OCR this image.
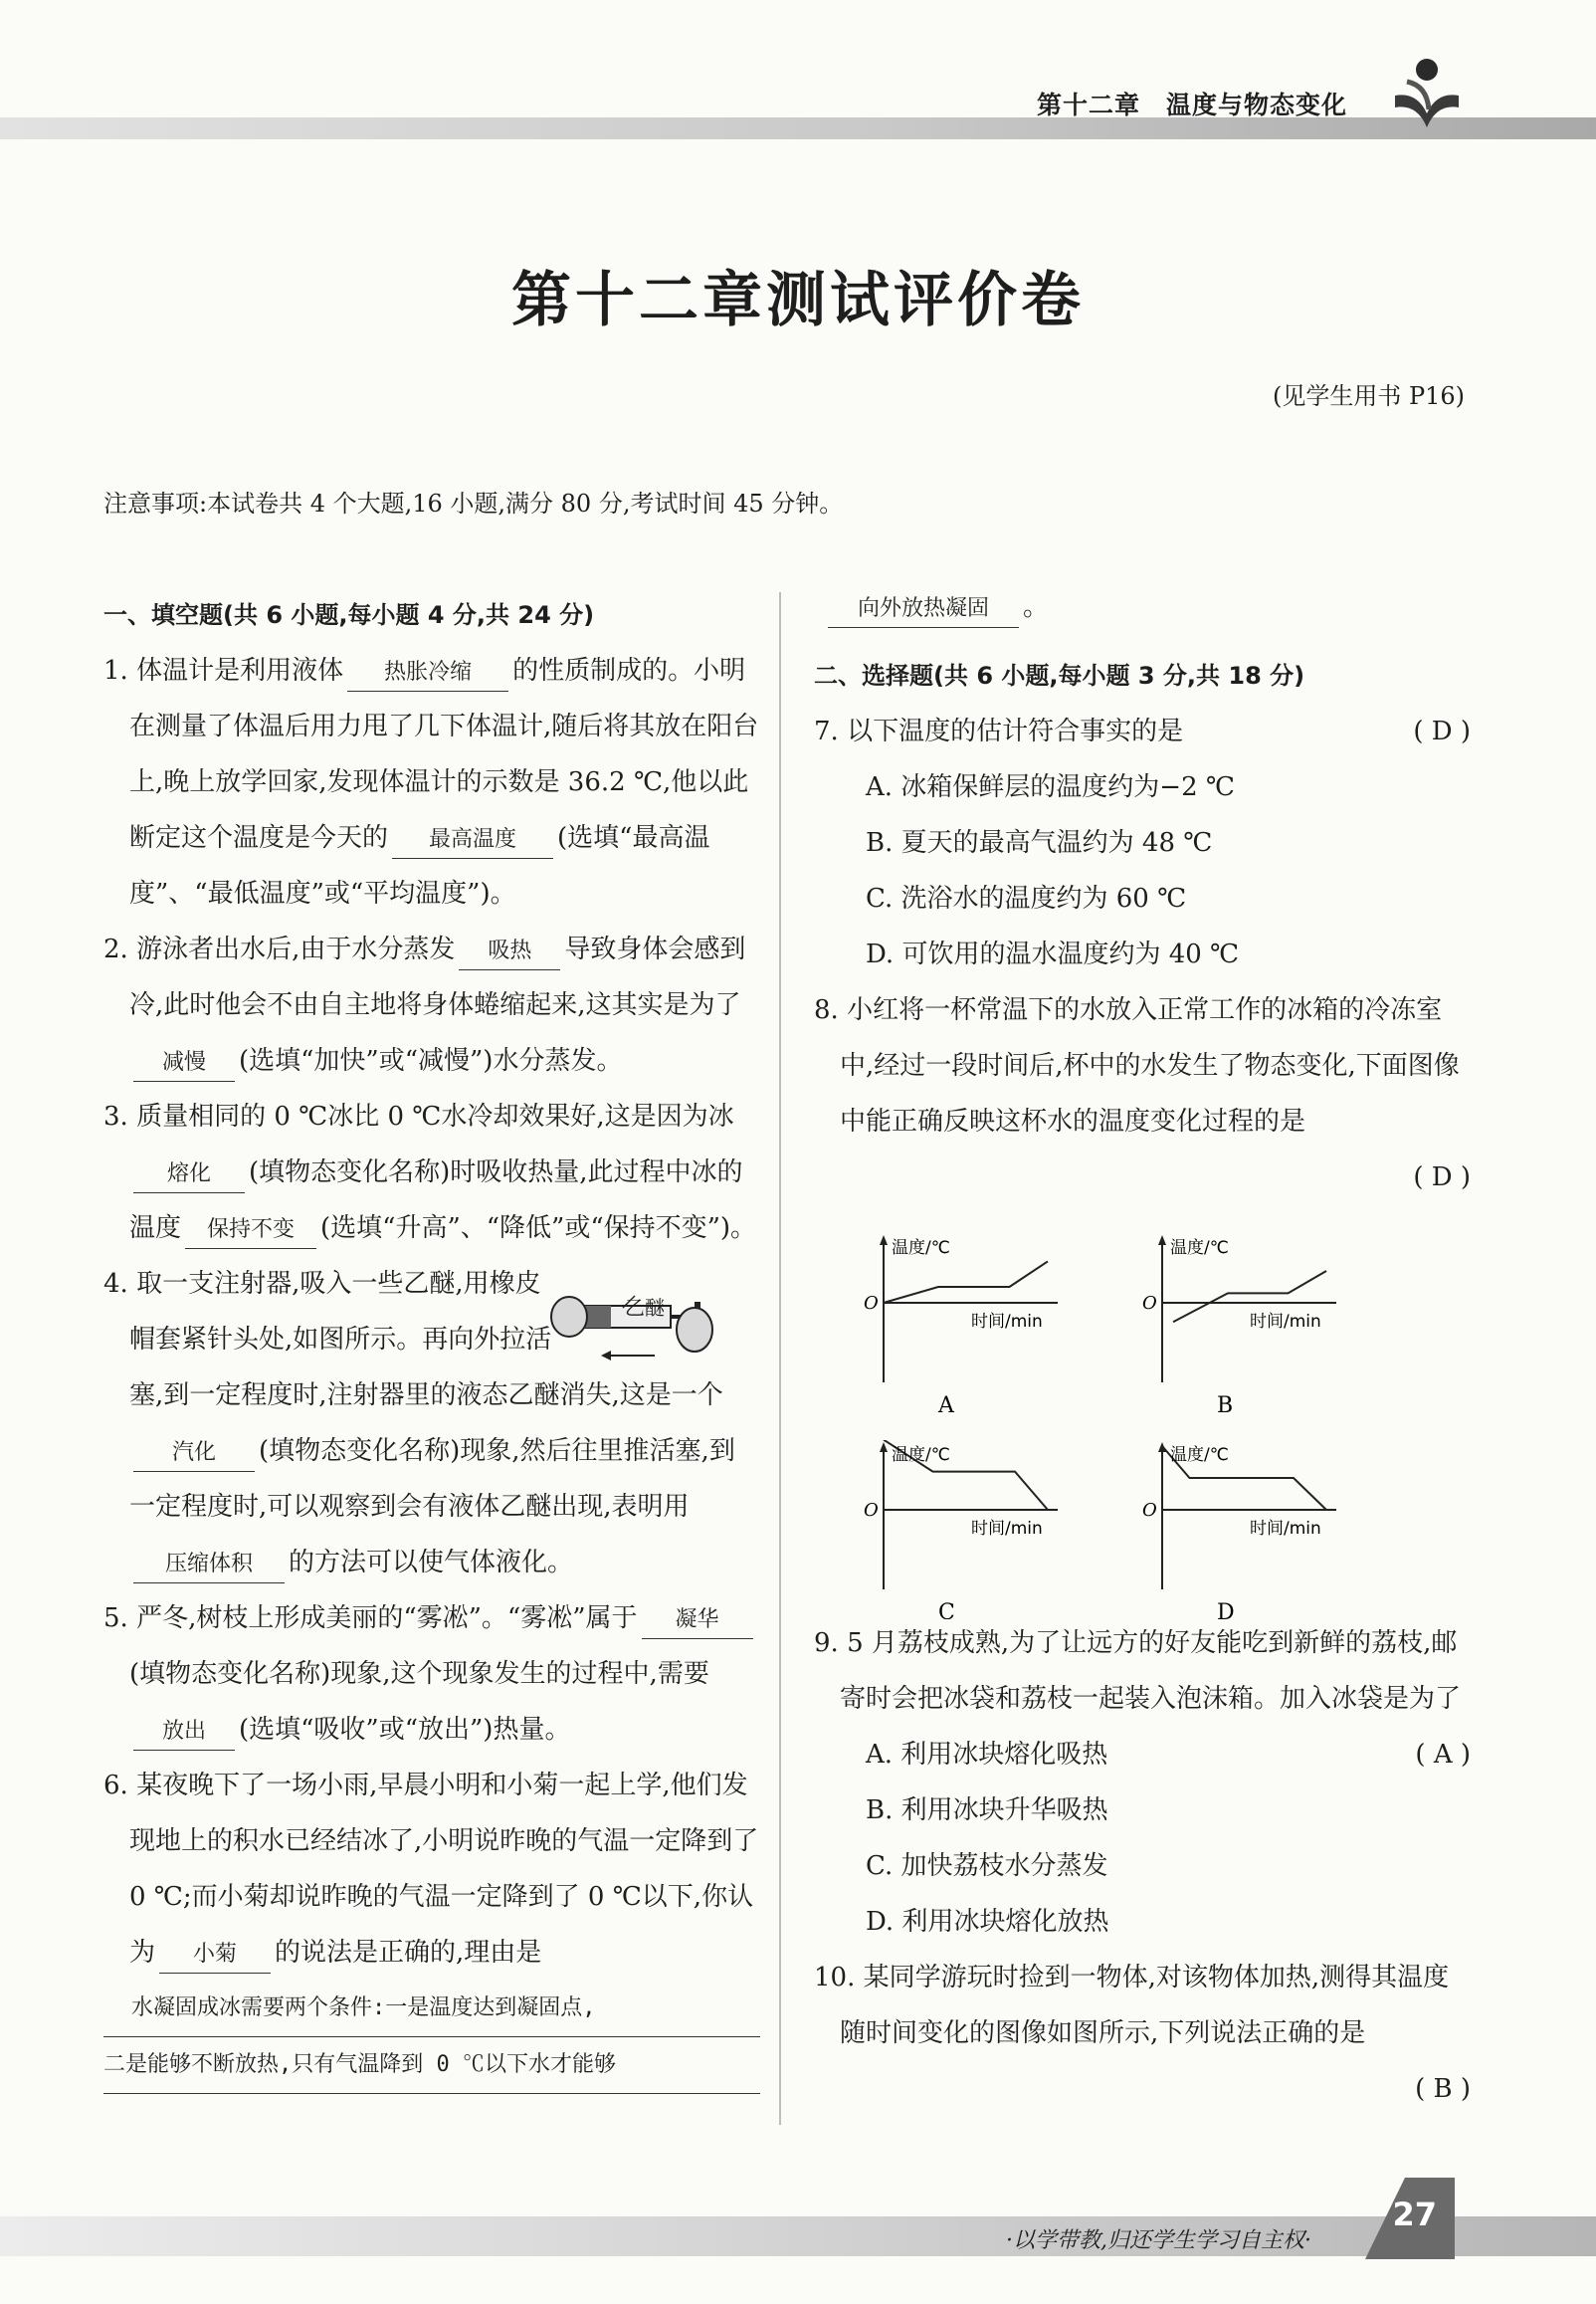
第十二章 温度与物态变化
第十二章测试评价卷
(见学生用书 P16)
注意事项:本试卷共 4 个大题,16 小题,满分 80 分,考试时间 45 分钟。
一、填空题(共 6 小题,每小题 4 分,共 24 分)

1. 体温计是利用液体 热胀冷缩 的性质制成的。小明在测量了体温后用力甩了几下体温计,随后将其放在阳台上,晚上放学回家,发现体温计的示数是 36.2 ℃,他以此断定这个温度是今天的 最高温度 (选填“最高温度”、“最低温度”或“平均温度”)。

2. 游泳者出水后,由于水分蒸发 吸热 导致身体会感到冷,此时他会不由自主地将身体蜷缩起来,这其实是为了减慢 (选填“加快”或“减慢”)水分蒸发。

3. 质量相同的 0 ℃冰比 0 ℃水冷却效果好,这是因为冰熔化 (填物态变化名称)时吸收热量,此过程中冰的温度 保持不变 (选填“升高”、“降低”或“保持不变”)。

4. 取一支注射器,吸入一些乙醚,用橡皮帽套紧针头处,如图所示。再向外拉活塞,到一定程度时,注射器里的液态乙醚消失,这是一个汽化 (填物态变化名称)现象,然后往里推活塞,到一定程度时,可以观察到会有液体乙醚出现,表明用压缩体积 的方法可以使气体液化。

5. 严冬,树枝上形成美丽的“雾凇”。“雾凇”属于 凝华(填物态变化名称)现象,这个现象发生的过程中,需要放出 (选填“吸收”或“放出”)热量。

6. 某夜晚下了一场小雨,早晨小明和小菊一起上学,他们发现地上的积水已经结冰了,小明说昨晚的气温一定降到了 0 ℃;而小菊却说昨晚的气温一定降到了 0 ℃以下,你认为 小菊 的说法是正确的,理由是

水凝固成冰需要两个条件:一是温度达到凝固点,
二是能够不断放热,只有气温降到 0 ℃以下水才能够
乙醚
向外放热凝固 。
二、选择题(共 6 小题,每小题 3 分,共 18 分)

7. 以下温度的估计符合事实的是	( D )

A. 冰箱保鲜层的温度约为−2 ℃

B. 夏天的最高气温约为 48 ℃

C. 洗浴水的温度约为 60 ℃

D. 可饮用的温水温度约为 40 ℃

8. 小红将一杯常温下的水放入正常工作的冰箱的冷冻室中,经过一段时间后,杯中的水发生了物态变化,下面图像中能正确反映这杯水的温度变化过程的是

( D )
温度/℃
时间/min
O
A
温度/℃
时间/min
O
B
温度/℃
时间/min
O
C
温度/℃
时间/min
O
D

9. 5 月荔枝成熟,为了让远方的好友能吃到新鲜的荔枝,邮寄时会把冰袋和荔枝一起装入泡沫箱。加入冰袋是为了
( A )

A. 利用冰块熔化吸热

B. 利用冰块升华吸热

C. 加快荔枝水分蒸发

D. 利用冰块熔化放热

10. 某同学游玩时捡到一物体,对该物体加热,测得其温度随时间变化的图像如图所示,下列说法正确的是

( B )
·以学带教,归还学生学习自主权·
27
